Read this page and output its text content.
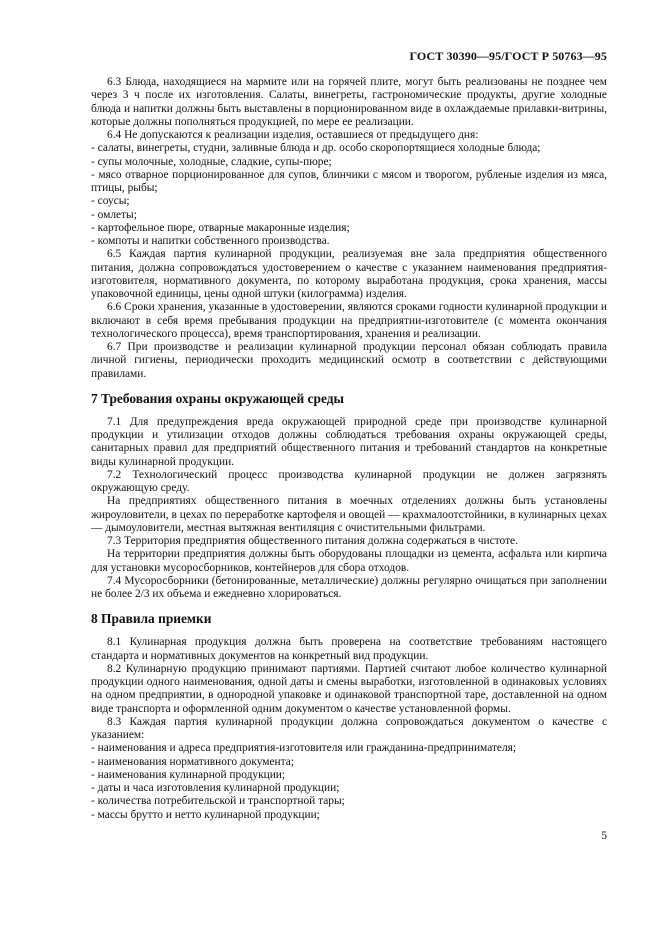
ГОСТ 30390—95/ГОСТ Р 50763—95

6.3 Блюда, находящиеся на мармите или на горячей плите, могут быть реализованы не позднее чем через 3 ч после их изготовления. Салаты, винегреты, гастрономические продукты, другие холодные блюда и напитки должны быть выставлены в порционированном виде в охлаждаемые прилавки-витрины, которые должны пополняться продукцией, по мере ее реализации.

6.4 Не допускаются к реализации изделия, оставшиеся от предыдущего дня:

- салаты, винегреты, студни, заливные блюда и др. особо скоропортящиеся холодные блюда;

- супы молочные, холодные, сладкие, супы-пюре;

- мясо отварное порционированное для супов, блинчики с мясом и творогом, рубленые изделия из мяса, птицы, рыбы;

- соусы;

- омлеты;

- картофельное пюре, отварные макаронные изделия;

- компоты и напитки собственного производства.

6.5 Каждая партия кулинарной продукции, реализуемая вне зала предприятия общественного питания, должна сопровождаться удостоверением о качестве с указанием наименования предприятия-изготовителя, нормативного документа, по которому выработана продукция, срока хранения, массы упаковочной единицы, цены одной штуки (килограмма) изделия.

6.6 Сроки хранения, указанные в удостоверении, являются сроками годности кулинарной продукции и включают в себя время пребывания продукции на предприятии-изготовителе (с момента окончания технологического процесса), время транспортирования, хранения и реализации.

6.7 При производстве и реализации кулинарной продукции персонал обязан соблюдать правила личной гигиены, периодически проходить медицинский осмотр в соответствии с действующими правилами.

7 Требования охраны окружающей среды

7.1 Для предупреждения вреда окружающей природной среде при производстве кулинарной продукции и утилизации отходов должны соблюдаться требования охраны окружающей среды, санитарных правил для предприятий общественного питания и требований стандартов на конкретные виды кулинарной продукции.

7.2 Технологический процесс производства кулинарной продукции не должен загрязнять окружающую среду.

На предприятиях общественного питания в моечных отделениях должны быть установлены жироуловители, в цехах по переработке картофеля и овощей — крахмалоотстойники, в кулинарных цехах — дымоуловители, местная вытяжная вентиляция с очистительными фильтрами.

7.3 Территория предприятия общественного питания должна содержаться в чистоте.

На территории предприятия должны быть оборудованы площадки из цемента, асфальта или кирпича для установки мусоросборников, контейнеров для сбора отходов.

7.4 Мусоросборники (бетонированные, металлические) должны регулярно очищаться при заполнении не более 2/3 их объема и ежедневно хлорироваться.

8 Правила приемки

8.1 Кулинарная продукция должна быть проверена на соответствие требованиям настоящего стандарта и нормативных документов на конкретный вид продукции.

8.2 Кулинарную продукцию принимают партиями. Партией считают любое количество кулинарной продукции одного наименования, одной даты и смены выработки, изготовленной в одинаковых условиях на одном предприятии, в однородной упаковке и одинаковой транспортной таре, доставленной на одном виде транспорта и оформленной одним документом о качестве установленной формы.

8.3 Каждая партия кулинарной продукции должна сопровождаться документом о качестве с указанием:

- наименования и адреса предприятия-изготовителя или гражданина-предпринимателя;

- наименования нормативного документа;

- наименования кулинарной продукции;

- даты и часа изготовления кулинарной продукции;

- количества потребительской и транспортной тары;

- массы брутто и нетто кулинарной продукции;

5
